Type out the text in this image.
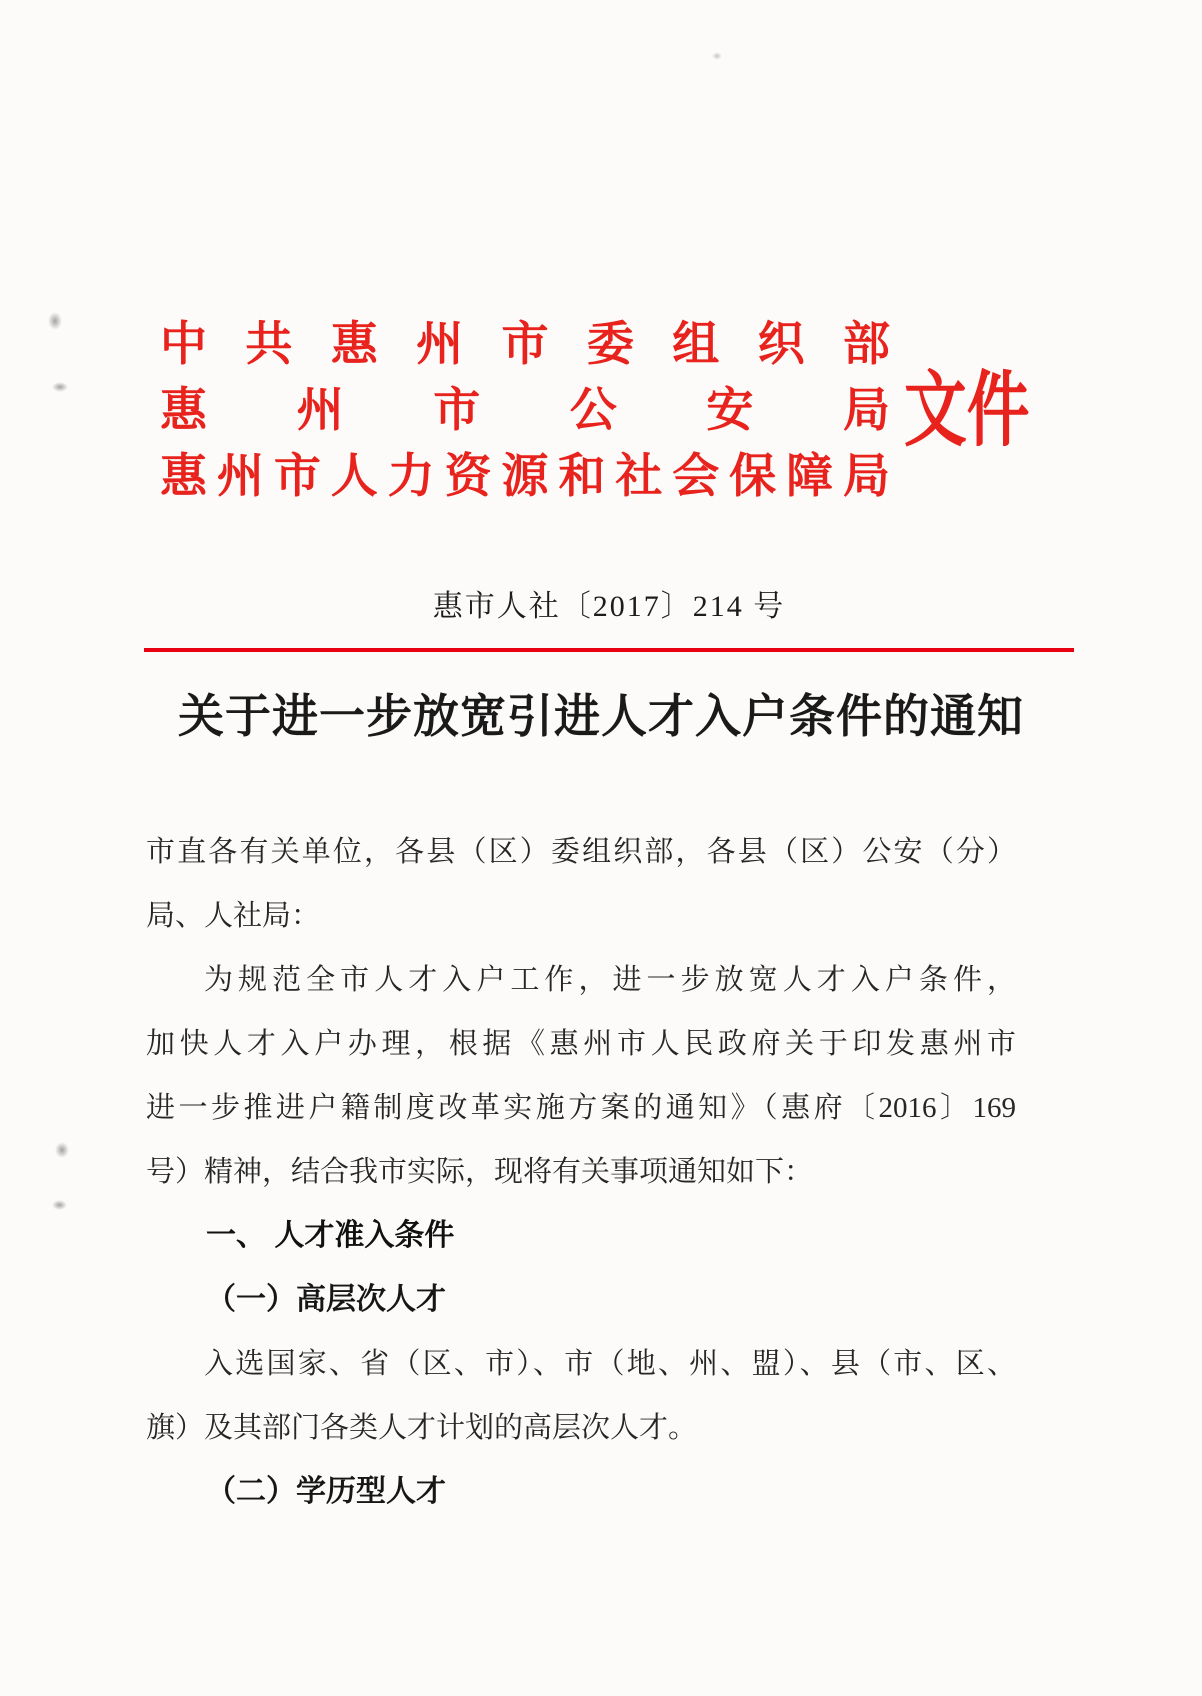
中共惠州市委组织部
惠州市公安局
惠州市人力资源和社会保障局
文件
惠市人社〔2017〕214 号
关于进一步放宽引进人才入户条件的通知
市直各有关单位，各县（区）委组织部，各县（区）公安（分）
局、人社局：
为规范全市人才入户工作，进一步放宽人才入户条件，
加快人才入户办理，根据《惠州市人民政府关于印发惠州市
进一步推进户籍制度改革实施方案的通知》（惠府〔2016〕169
号）精神，结合我市实际，现将有关事项通知如下：
一、 人才准入条件
（一）高层次人才
入选国家、省（区、市）、市（地、州、盟）、县（市、区、
旗）及其部门各类人才计划的高层次人才。
（二）学历型人才
